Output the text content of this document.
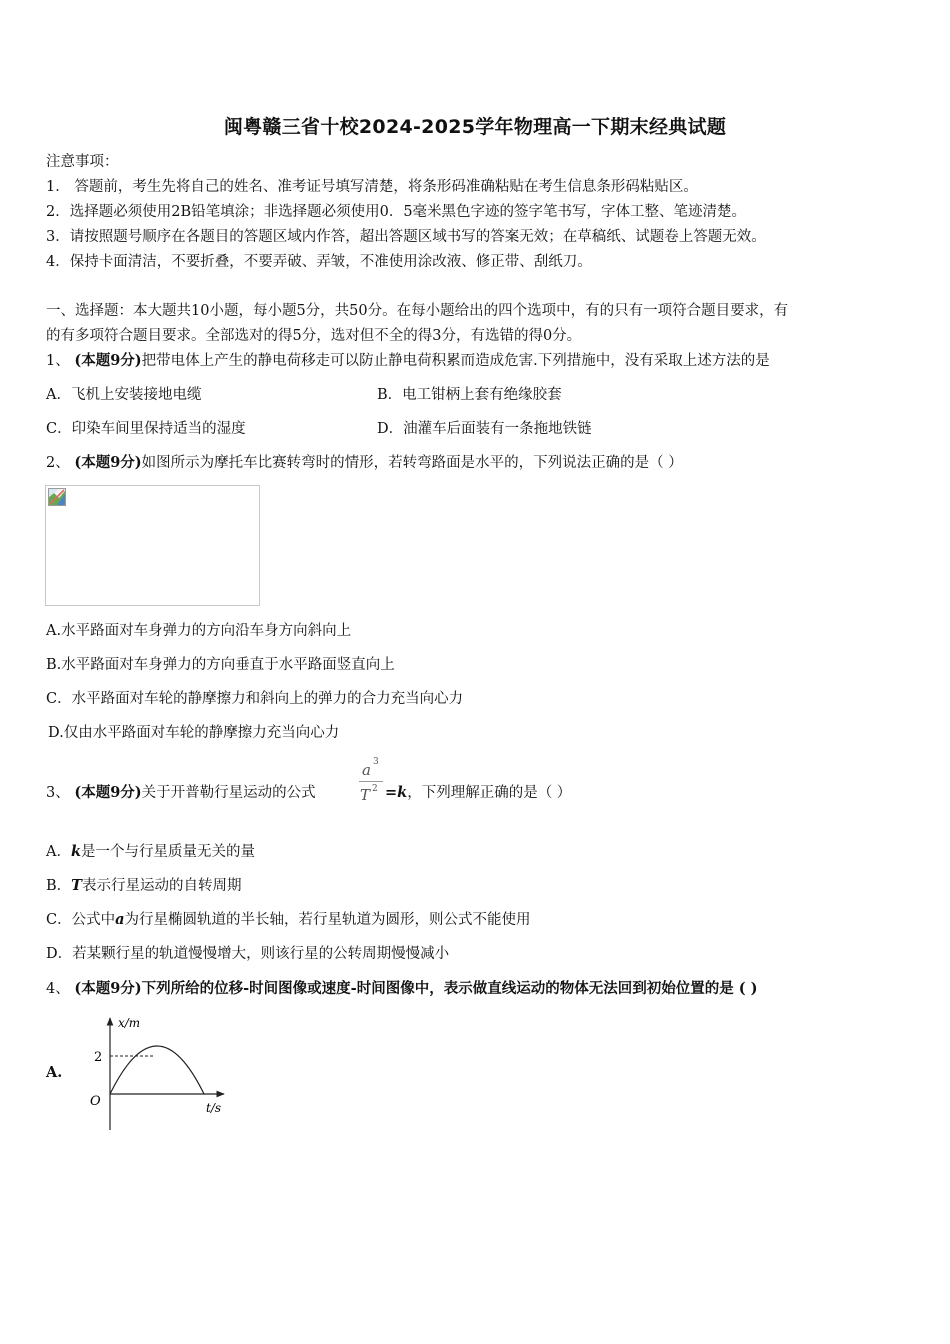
闽粤赣三省十校2024-2025学年物理高一下期末经典试题
注意事项：
1． 答题前，考生先将自己的姓名、准考证号填写清楚，将条形码准确粘贴在考生信息条形码粘贴区。
2．选择题必须使用2B铅笔填涂；非选择题必须使用0．5毫米黑色字迹的签字笔书写，字体工整、笔迹清楚。
3．请按照题号顺序在各题目的答题区域内作答，超出答题区域书写的答案无效；在草稿纸、试题卷上答题无效。
4．保持卡面清洁，不要折叠，不要弄破、弄皱，不准使用涂改液、修正带、刮纸刀。
一、选择题：本大题共10小题，每小题5分，共50分。在每小题给出的四个选项中，有的只有一项符合题目要求，有
的有多项符合题目要求。全部选对的得5分，选对但不全的得3分，有选错的得0分。
1、 (本题9分)把带电体上产生的静电荷移走可以防止静电荷积累而造成危害.下列措施中，没有采取上述方法的是
A．飞机上安装接地电缆	B．电工钳柄上套有绝缘胶套
C．印染车间里保持适当的湿度	D．油灌车后面装有一条拖地铁链
2、 (本题9分)如图所示为摩托车比赛转弯时的情形，若转弯路面是水平的，下列说法正确的是（ ）
A.水平路面对车身弹力的方向沿车身方向斜向上
B.水平路面对车身弹力的方向垂直于水平路面竖直向上
C．水平路面对车轮的静摩擦力和斜向上的弹力的合力充当向心力
D.仅由水平路面对车轮的静摩擦力充当向心力
3、 (本题9分)关于开普勒行星运动的公式
a 3
T 2 =k，下列理解正确的是（ ）
A．k是一个与行星质量无关的量
B．T表示行星运动的自转周期
C．公式中a为行星椭圆轨道的半长轴，若行星轨道为圆形，则公式不能使用
D．若某颗行星的轨道慢慢增大，则该行星的公转周期慢慢减小
4、 (本题9分)下列所给的位移-时间图像或速度-时间图像中，表示做直线运动的物体无法回到初始位置的是 ( )
A.
x/m
t/s
O
2
